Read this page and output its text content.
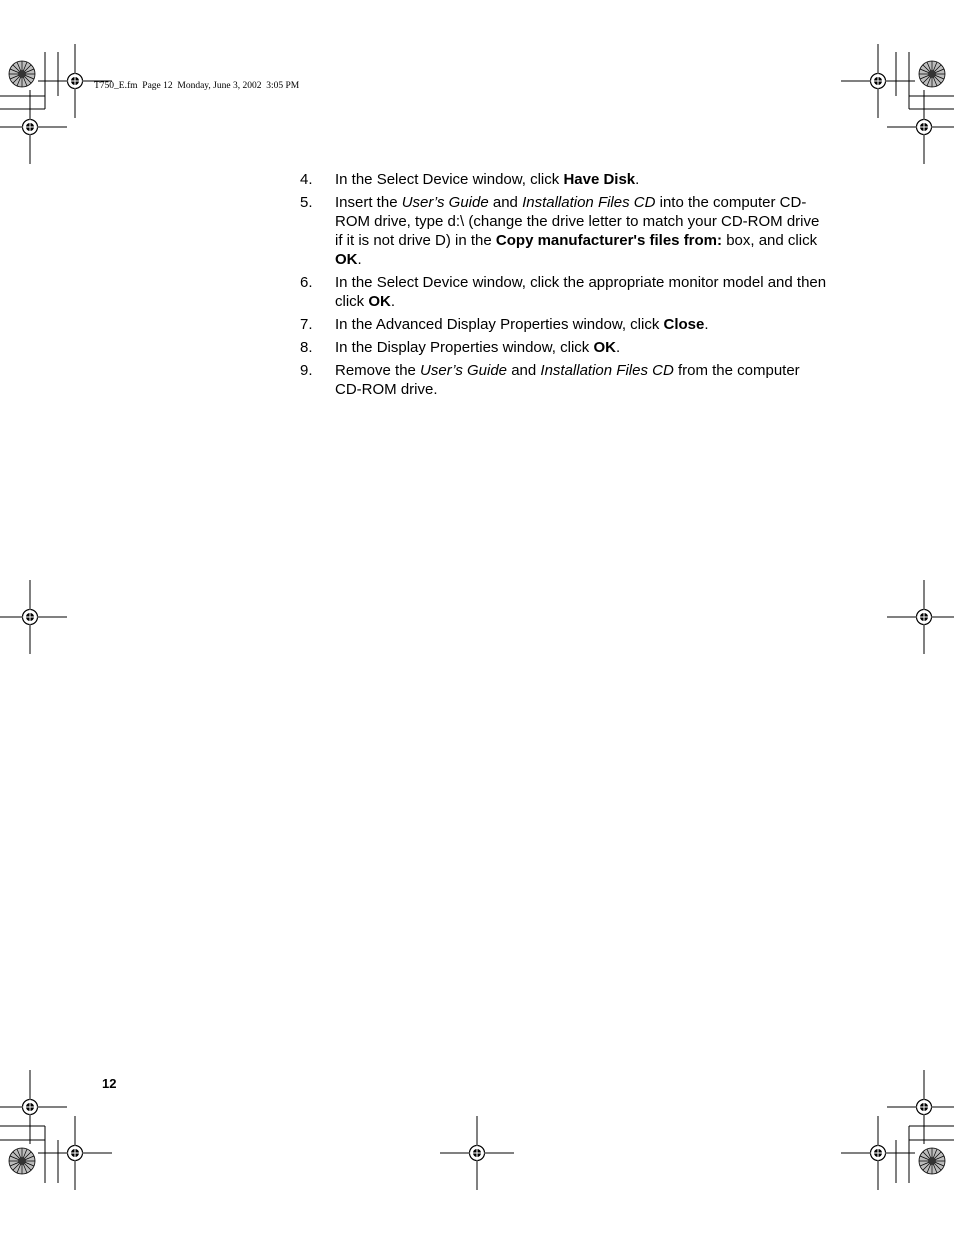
T750_E.fm  Page 12  Monday, June 3, 2002  3:05 PM
4.	In the Select Device window, click Have Disk.
5.	Insert the User’s Guide and Installation Files CD into the computer CD-ROM drive, type d:\ (change the drive letter to match your CD-ROM drive if it is not drive D) in the Copy manufacturer's files from: box, and click OK.
6.	In the Select Device window, click the appropriate monitor model and then click OK.
7.	In the Advanced Display Properties window, click Close.
8.	In the Display Properties window, click OK.
9.	Remove the User’s Guide and Installation Files CD from the computer CD-ROM drive.
12
